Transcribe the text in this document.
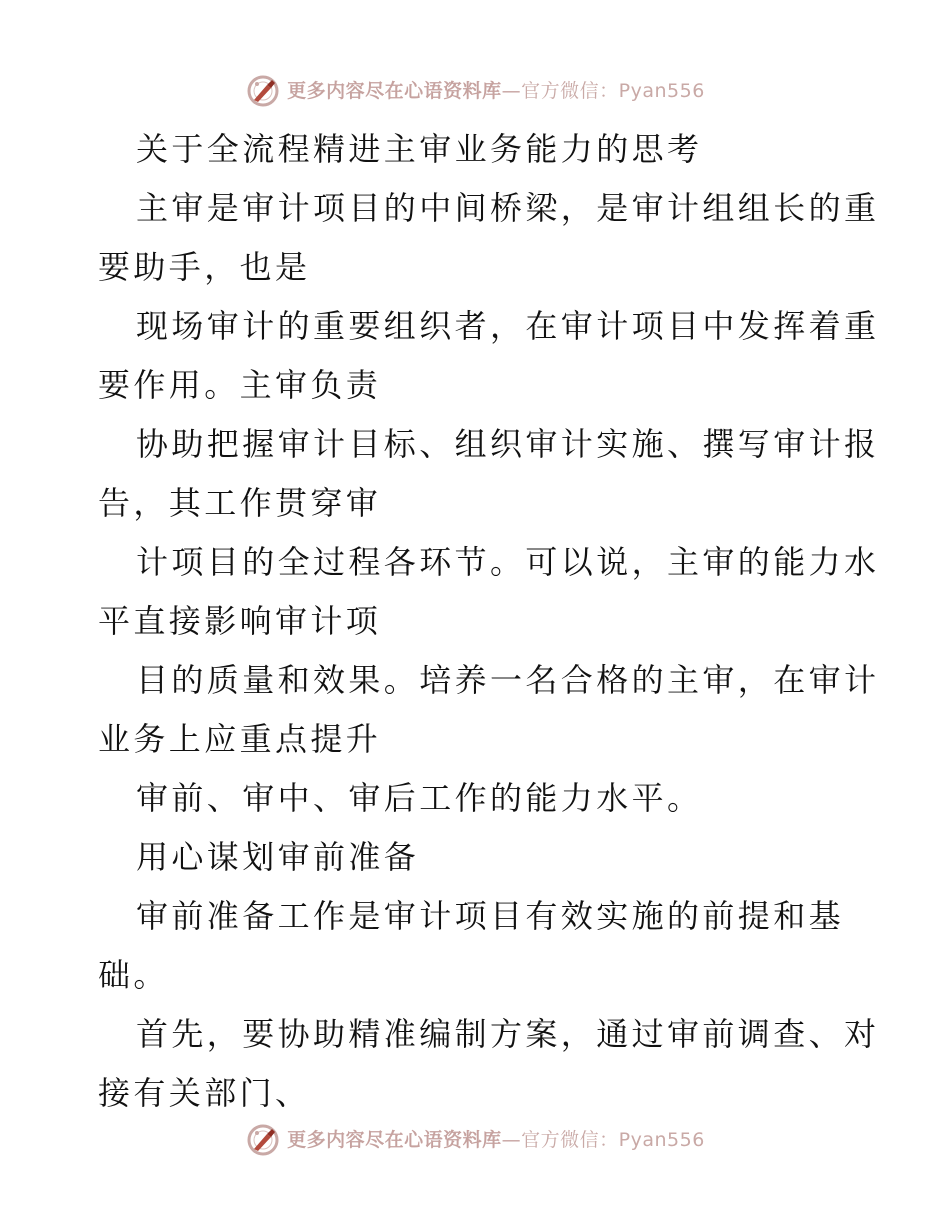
更多内容尽在心语资料库—官方微信：Pyan556

关于全流程精进主审业务能力的思考

主审是审计项目的中间桥梁，是审计组组长的重

要助手，也是

现场审计的重要组织者，在审计项目中发挥着重

要作用。主审负责

协助把握审计目标、组织审计实施、撰写审计报

告，其工作贯穿审

计项目的全过程各环节。可以说，主审的能力水

平直接影响审计项

目的质量和效果。培养一名合格的主审，在审计

业务上应重点提升

审前、审中、审后工作的能力水平。

用心谋划审前准备

审前准备工作是审计项目有效实施的前提和基

础。

首先，要协助精准编制方案，通过审前调查、对

接有关部门、

更多内容尽在心语资料库—官方微信：Pyan556
